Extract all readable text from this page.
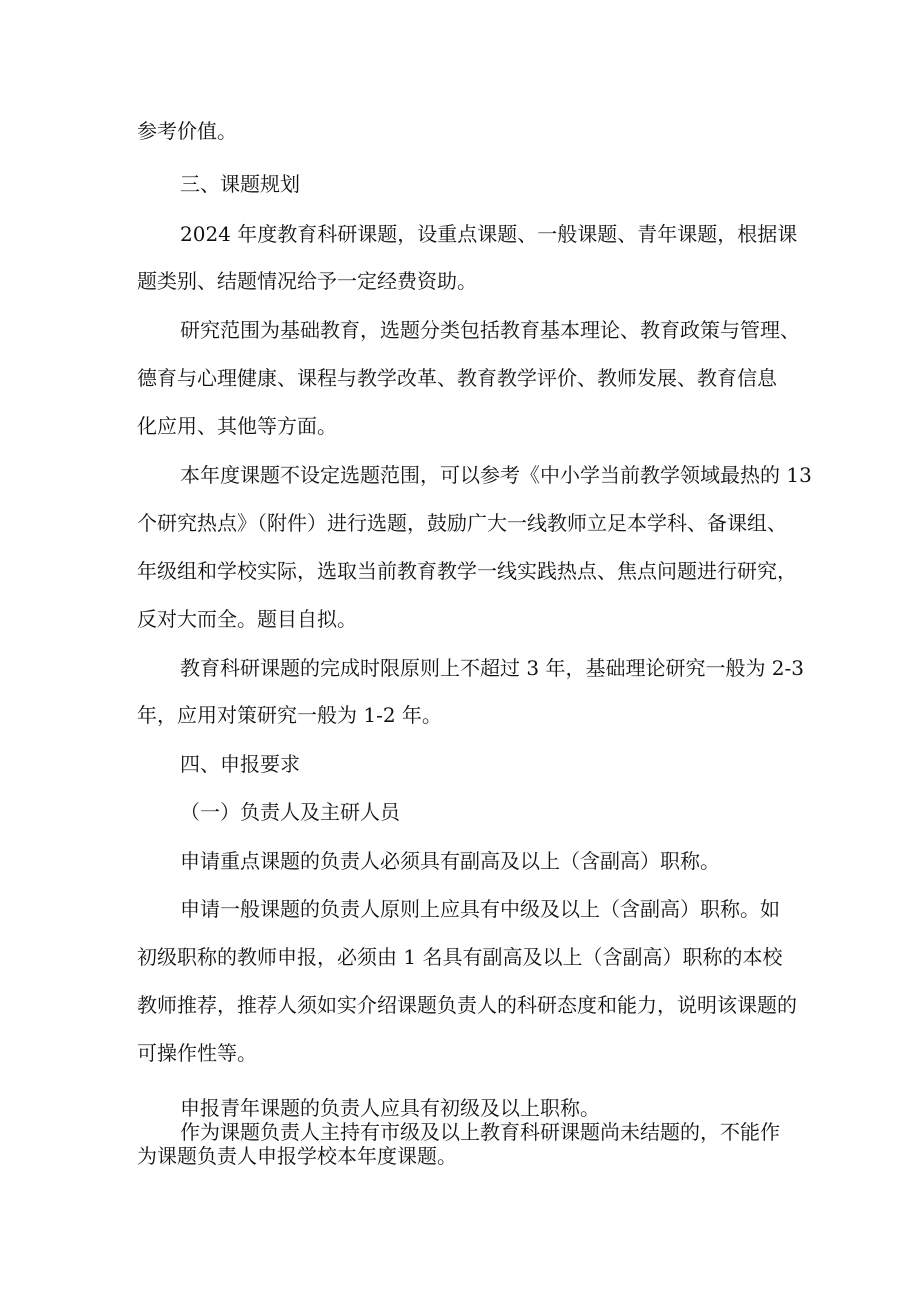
参考价值。
三、课题规划
2024 年度教育科研课题，设重点课题、一般课题、青年课题，根据课
题类别、结题情况给予一定经费资助。
研究范围为基础教育，选题分类包括教育基本理论、教育政策与管理、
德育与心理健康、课程与教学改革、教育教学评价、教师发展、教育信息
化应用、其他等方面。
本年度课题不设定选题范围，可以参考《中小学当前教学领域最热的 13
个研究热点》（附件）进行选题，鼓励广大一线教师立足本学科、备课组、
年级组和学校实际，选取当前教育教学一线实践热点、焦点问题进行研究，
反对大而全。题目自拟。
教育科研课题的完成时限原则上不超过 3 年，基础理论研究一般为 2-3
年，应用对策研究一般为 1-2 年。
四、申报要求
（一）负责人及主研人员
申请重点课题的负责人必须具有副高及以上（含副高）职称。
申请一般课题的负责人原则上应具有中级及以上（含副高）职称。如
初级职称的教师申报，必须由 1 名具有副高及以上（含副高）职称的本校
教师推荐，推荐人须如实介绍课题负责人的科研态度和能力，说明该课题的
可操作性等。
申报青年课题的负责人应具有初级及以上职称。
作为课题负责人主持有市级及以上教育科研课题尚未结题的，不能作
为课题负责人申报学校本年度课题。
